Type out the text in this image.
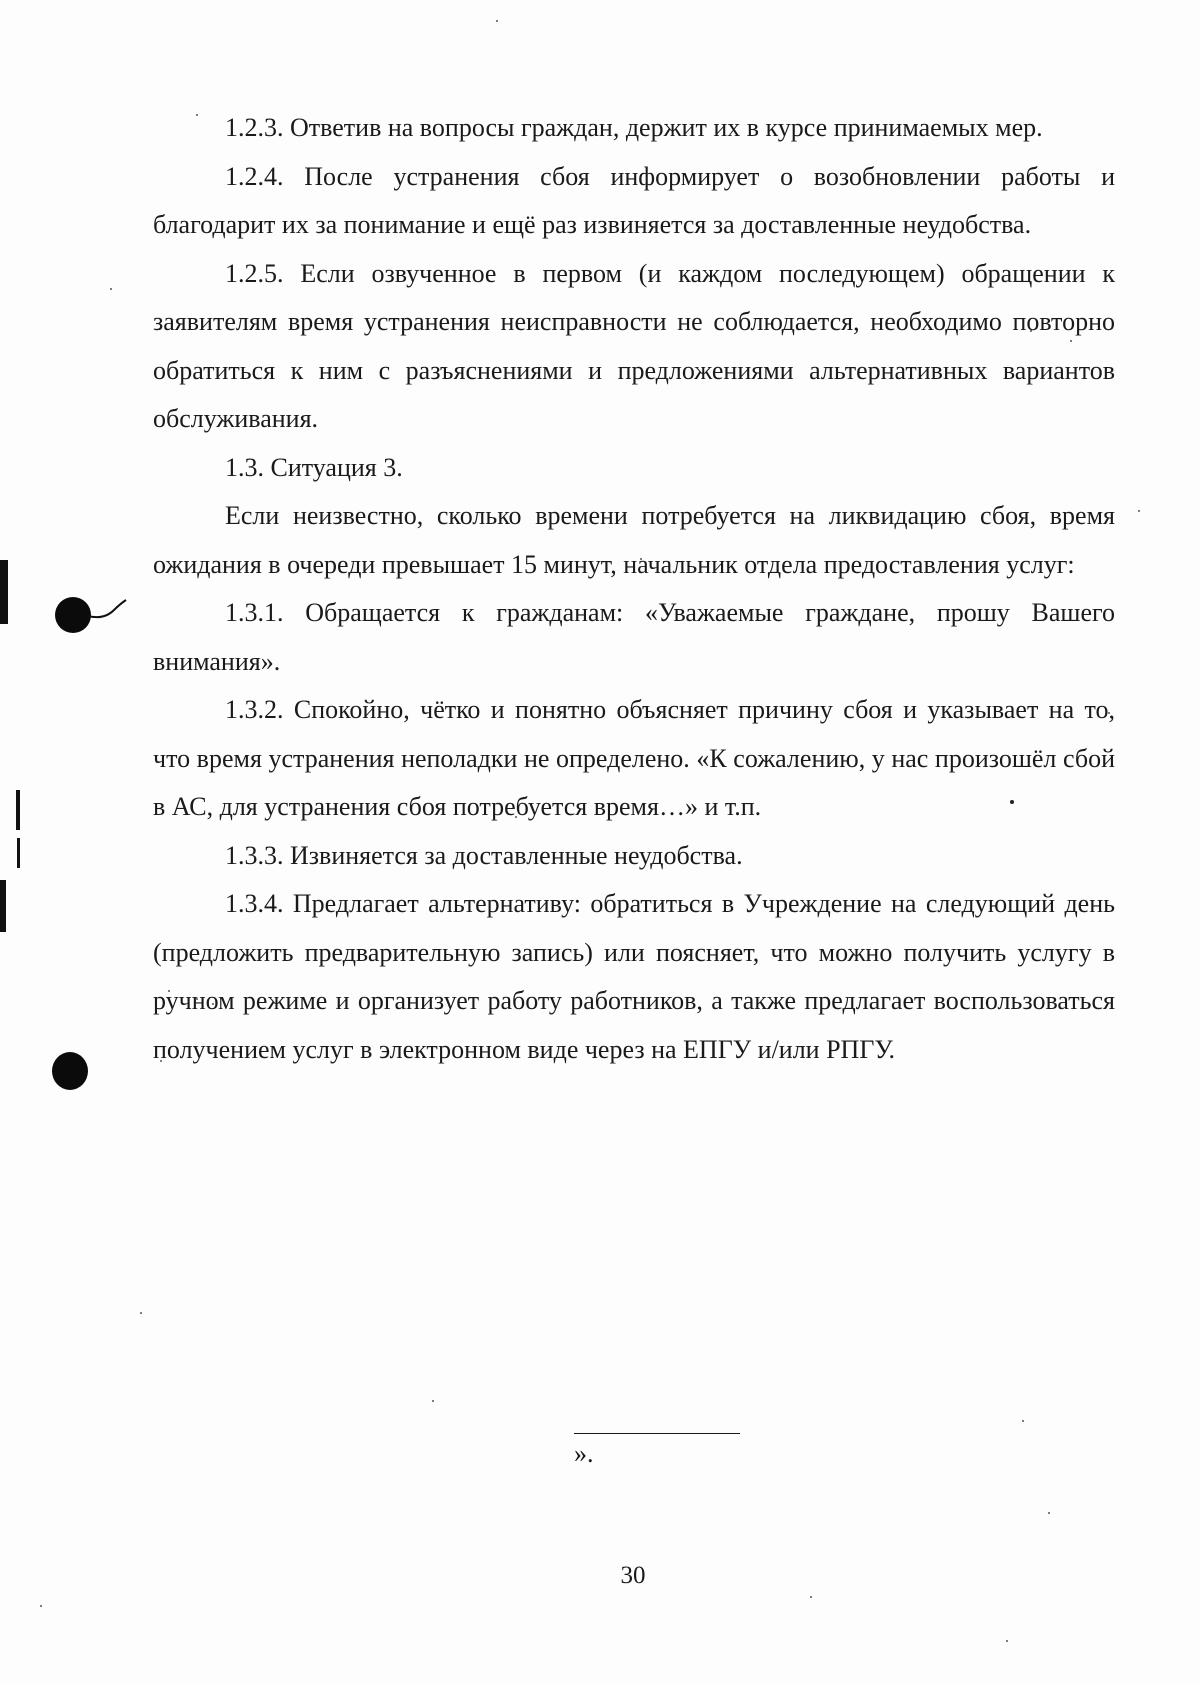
1.2.3. Ответив на вопросы граждан, держит их в курсе принимаемых мер.

1.2.4. После устранения сбоя информирует о возобновлении работы и благодарит их за понимание и ещё раз извиняется за доставленные неудобства.

1.2.5. Если озвученное в первом (и каждом последующем) обращении к заявителям время устранения неисправности не соблюдается, необходимо повторно обратиться к ним с разъяснениями и предложениями альтернативных вариантов обслуживания.

1.3. Ситуация 3.

Если неизвестно, сколько времени потребуется на ликвидацию сбоя, время ожидания в очереди превышает 15 минут, начальник отдела предоставления услуг:

1.3.1. Обращается к гражданам: «Уважаемые граждане, прошу Вашего внимания».

1.3.2. Спокойно, чётко и понятно объясняет причину сбоя и указывает на то, что время устранения неполадки не определено. «К сожалению, у нас произошёл сбой в АС, для устранения сбоя потребуется время…» и т.п.

1.3.3. Извиняется за доставленные неудобства.

1.3.4. Предлагает альтернативу: обратиться в Учреждение на следующий день (предложить предварительную запись) или поясняет, что можно получить услугу в ручном режиме и организует работу работников, а также предлагает воспользоваться получением услуг в электронном виде через на ЕПГУ и/или РПГУ.

».
30
